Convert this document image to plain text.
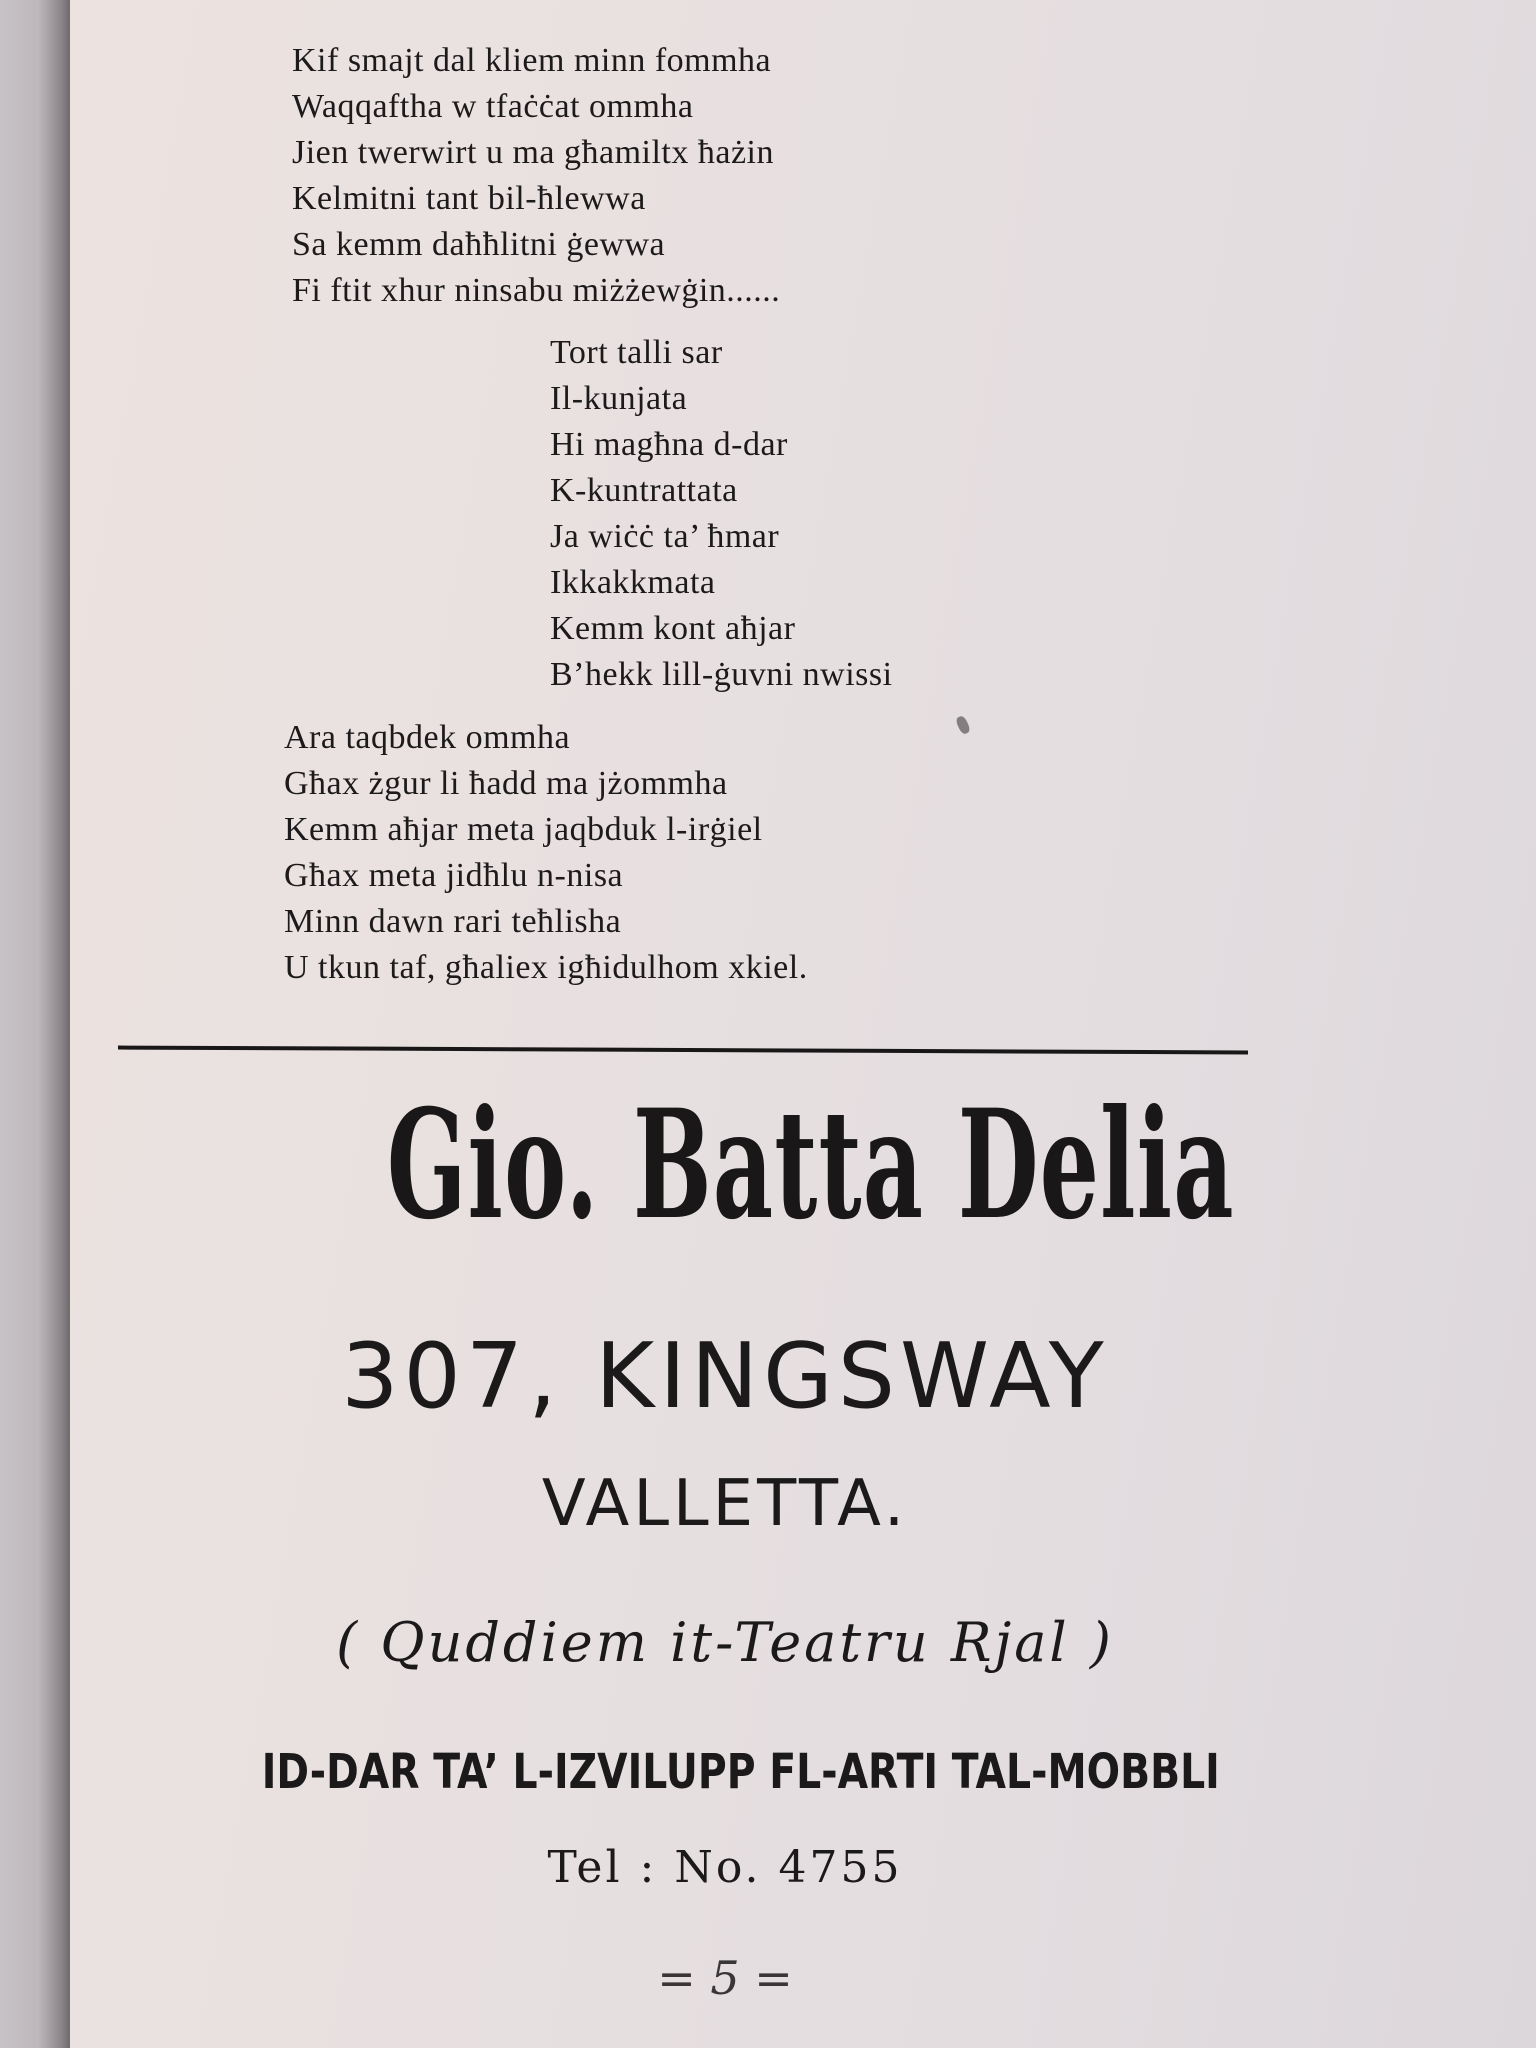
Kif smajt dal kliem minn fommha
Waqqaftha w tfaċċat ommha
Jien twerwirt u ma għamiltx ħażin
Kelmitni tant bil-ħlewwa
Sa kemm daħħlitni ġewwa
Fi ftit xhur ninsabu miżżewġin......
Tort talli sar
Il-kunjata
Hi magħna d-dar
K-kuntrattata
Ja wiċċ ta’ ħmar
Ikkakkmata
Kemm kont aħjar
B’hekk lill-ġuvni nwissi
Ara taqbdek ommha
Għax żgur li ħadd ma jżommha
Kemm aħjar meta jaqbduk l-irġiel
Għax meta jidħlu n-nisa
Minn dawn rari teħlisha
U tkun taf, għaliex igħidulhom xkiel.
Gio. Batta Delia
307, KINGSWAY
VALLETTA.
( Quddiem it-Teatru Rjal )
ID-DAR TA’ L-IZVILUPP FL-ARTI TAL-MOBBLI
Tel : No. 4755
= 5 =
